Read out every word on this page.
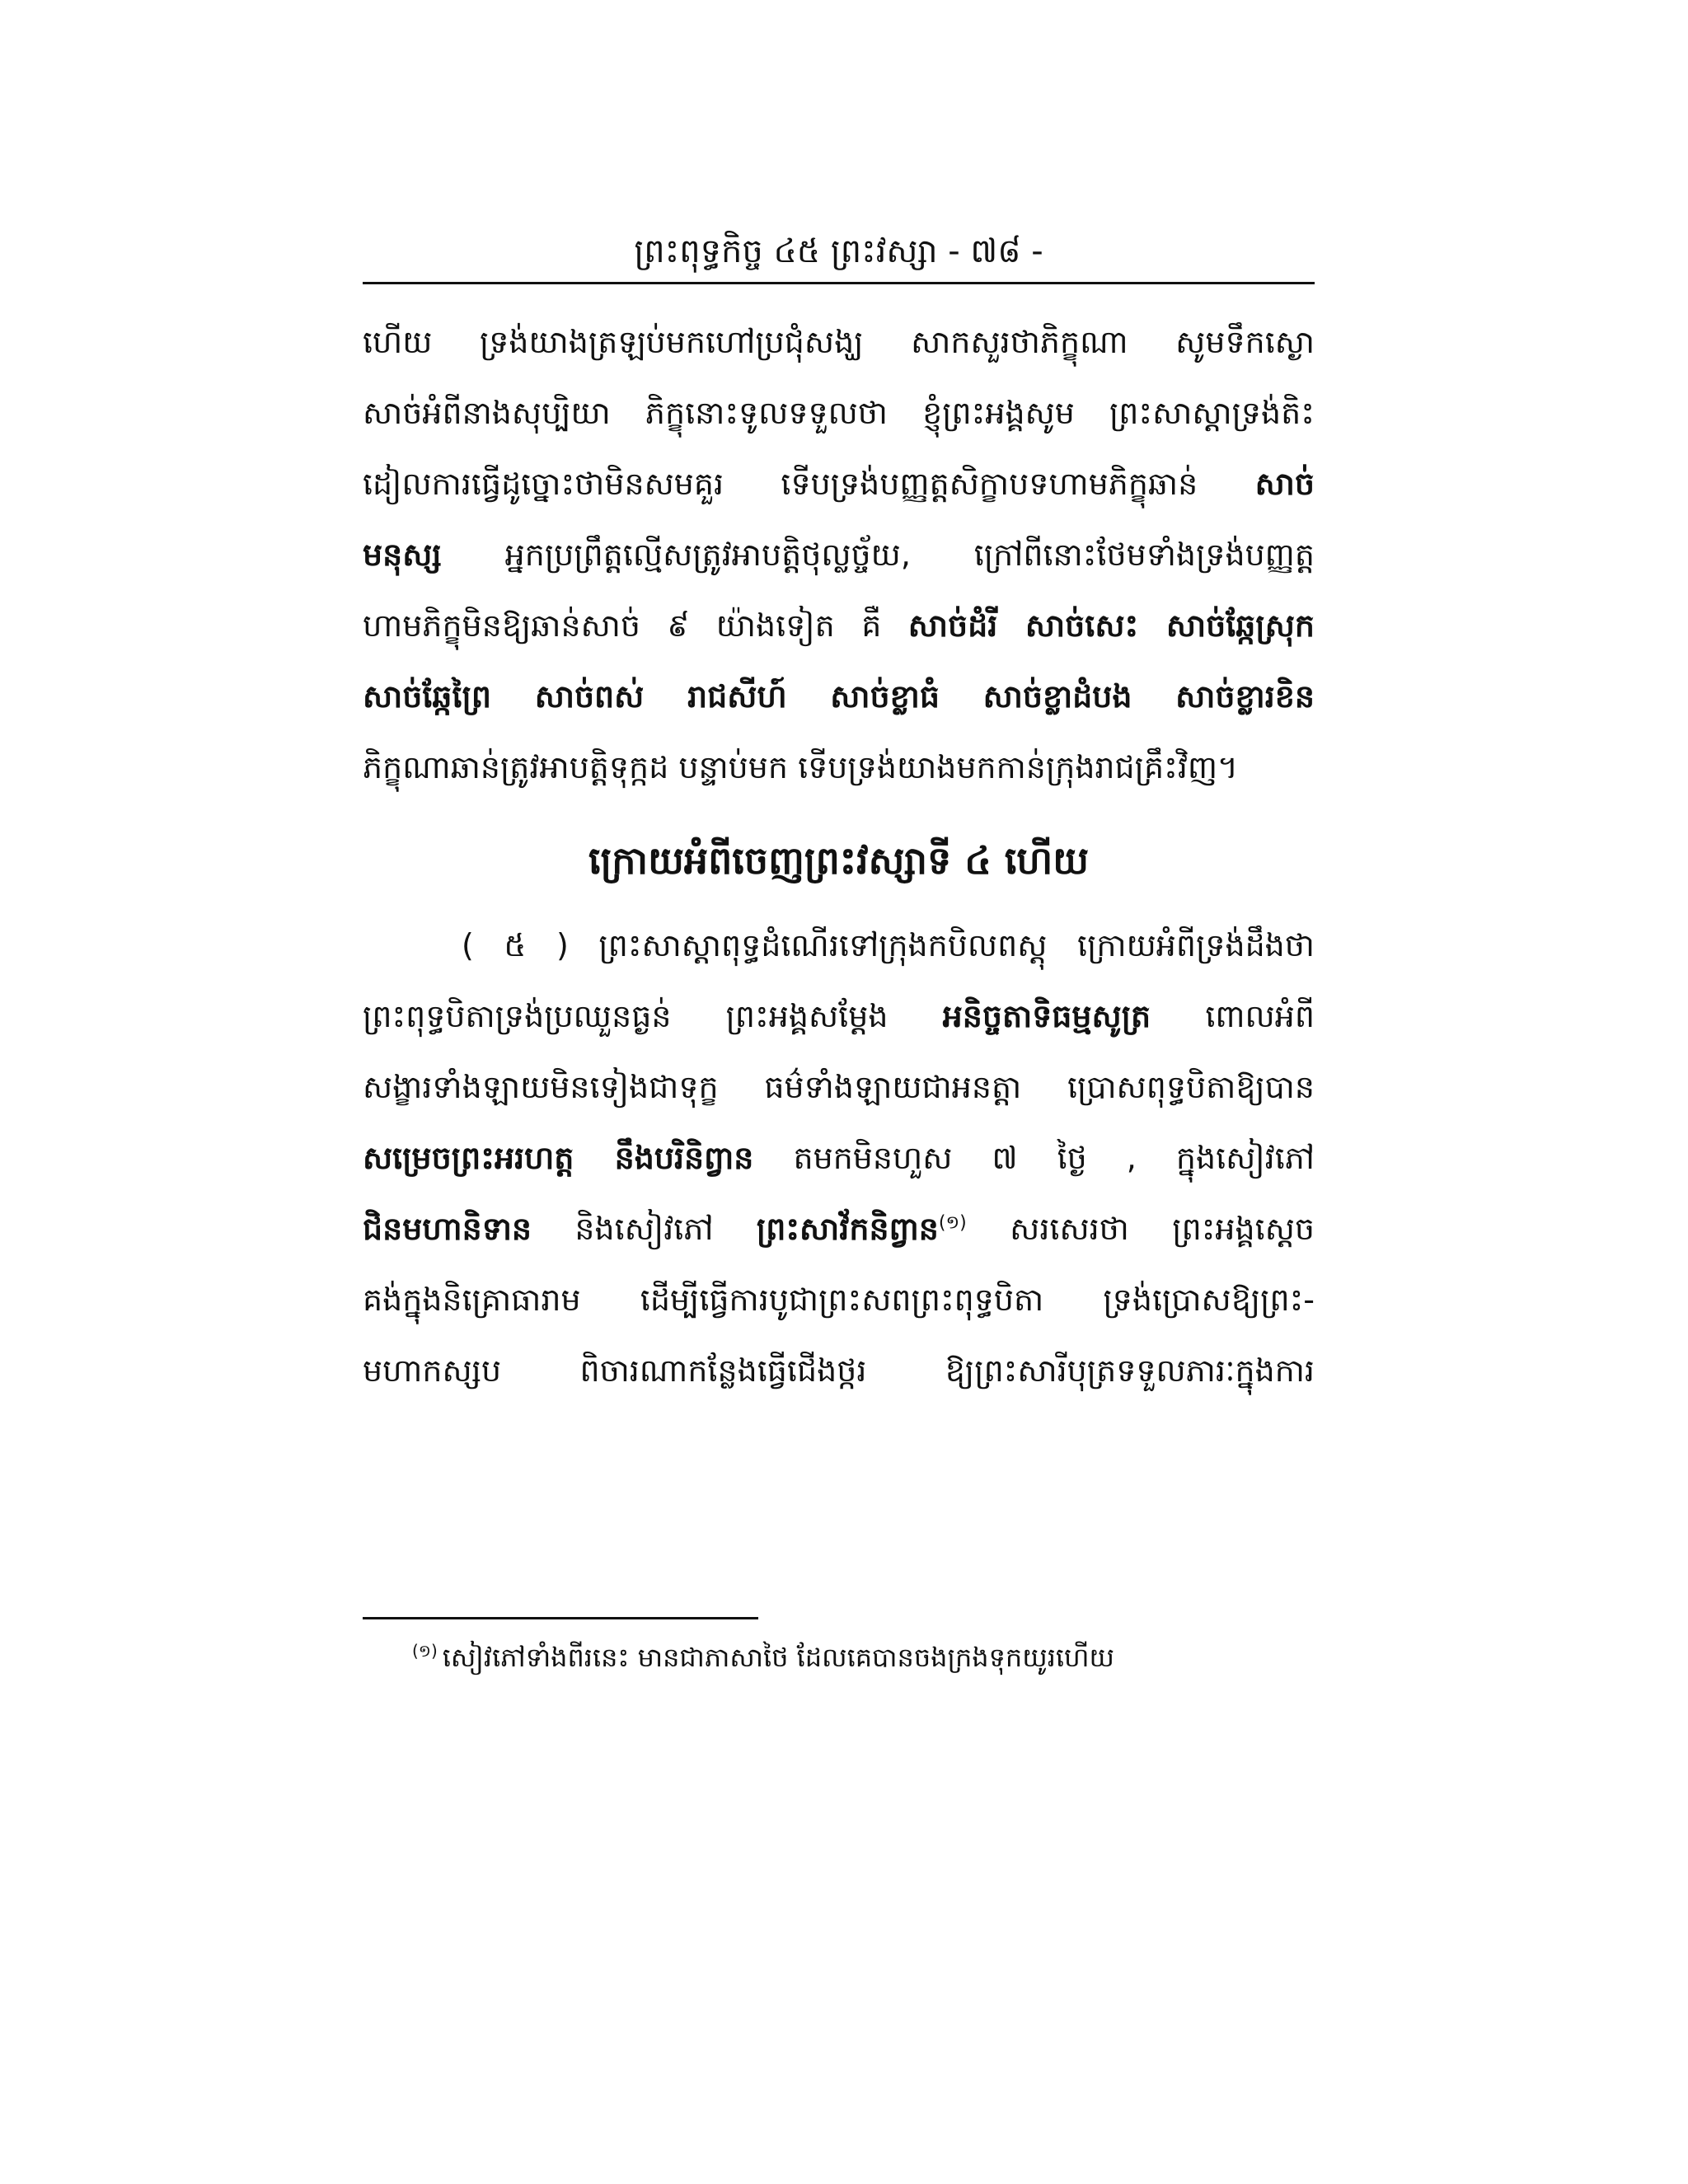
ព្រះពុទ្ធកិច្ច ៤៥ ព្រះវស្សា ‑ ៧៨ ‑
ហើយ ទ្រង់យាងត្រឡប់មកហៅប្រជុំសង្ឃ សាកសួរថាភិក្ខុណា សូមទឹកស្ងោ
សាច់អំពីនាងសុប្បិយា ភិក្ខុនោះទូលទទួលថា ខ្ញុំព្រះអង្គសូម ព្រះសាស្តាទ្រង់តិះ
ដៀលការធ្វើដូច្នោះថាមិនសមគួរ ទើបទ្រង់បញ្ញត្តសិក្ខាបទហាមភិក្ខុឆាន់ សាច់
មនុស្ស អ្នកប្រព្រឹត្តល្មើសត្រូវអាបត្តិថុល្លច្ច័យ, ក្រៅពីនោះថែមទាំងទ្រង់បញ្ញត្ត
ហាមភិក្ខុមិនឱ្យឆាន់សាច់ ៩ យ៉ាងទៀត គឺ សាច់ដំរី សាច់សេះ សាច់ឆ្កែស្រុក
សាច់ឆ្កែព្រៃ សាច់ពស់ រាជសីហ៍ សាច់ខ្លាធំ សាច់ខ្លាដំបង សាច់ខ្លារខិន
ភិក្ខុណាឆាន់ត្រូវអាបត្តិទុក្កដ បន្ទាប់មក ទើបទ្រង់យាងមកកាន់ក្រុងរាជគ្រឹះវិញ។
ក្រោយអំពីចេញព្រះវស្សាទី ៤ ហើយ
( ៥ ) ព្រះសាស្តាពុទ្ធដំណើរទៅក្រុងកបិលពស្តុ ក្រោយអំពីទ្រង់ដឹងថា
ព្រះពុទ្ធបិតាទ្រង់ប្រឈួនធ្ងន់ ព្រះអង្គសម្តែង អនិច្ចតាទិធម្មសូត្រ ពោលអំពី
សង្ខារទាំងឡាយមិនទៀងជាទុក្ខ ធម៌ទាំងឡាយជាអនត្តា ប្រោសពុទ្ធបិតាឱ្យបាន
សម្រេចព្រះអរហត្ត នឹងបរិនិព្វាន តមកមិនហួស ៧ ថ្ងៃ , ក្នុងសៀវភៅ
ជិនមហានិទាន និងសៀវភៅ ព្រះសាវ័កនិព្វាន$^{(១)}$ សរសេរថា ព្រះអង្គស្តេច
គង់ក្នុងនិគ្រោធារាម ដើម្បីធ្វើការបូជាព្រះសពព្រះពុទ្ធបិតា ទ្រង់ប្រោសឱ្យព្រះ‑
មហាកស្សប ពិចារណាកន្លែងធ្វើជើងថ្ករ ឱ្យព្រះសារីបុត្រទទួលភារៈក្នុងការ
$^{(១)}$ សៀវភៅទាំងពីរនេះ មានជាភាសាថៃ ដែលគេបានចងក្រងទុកយូរហើយ
